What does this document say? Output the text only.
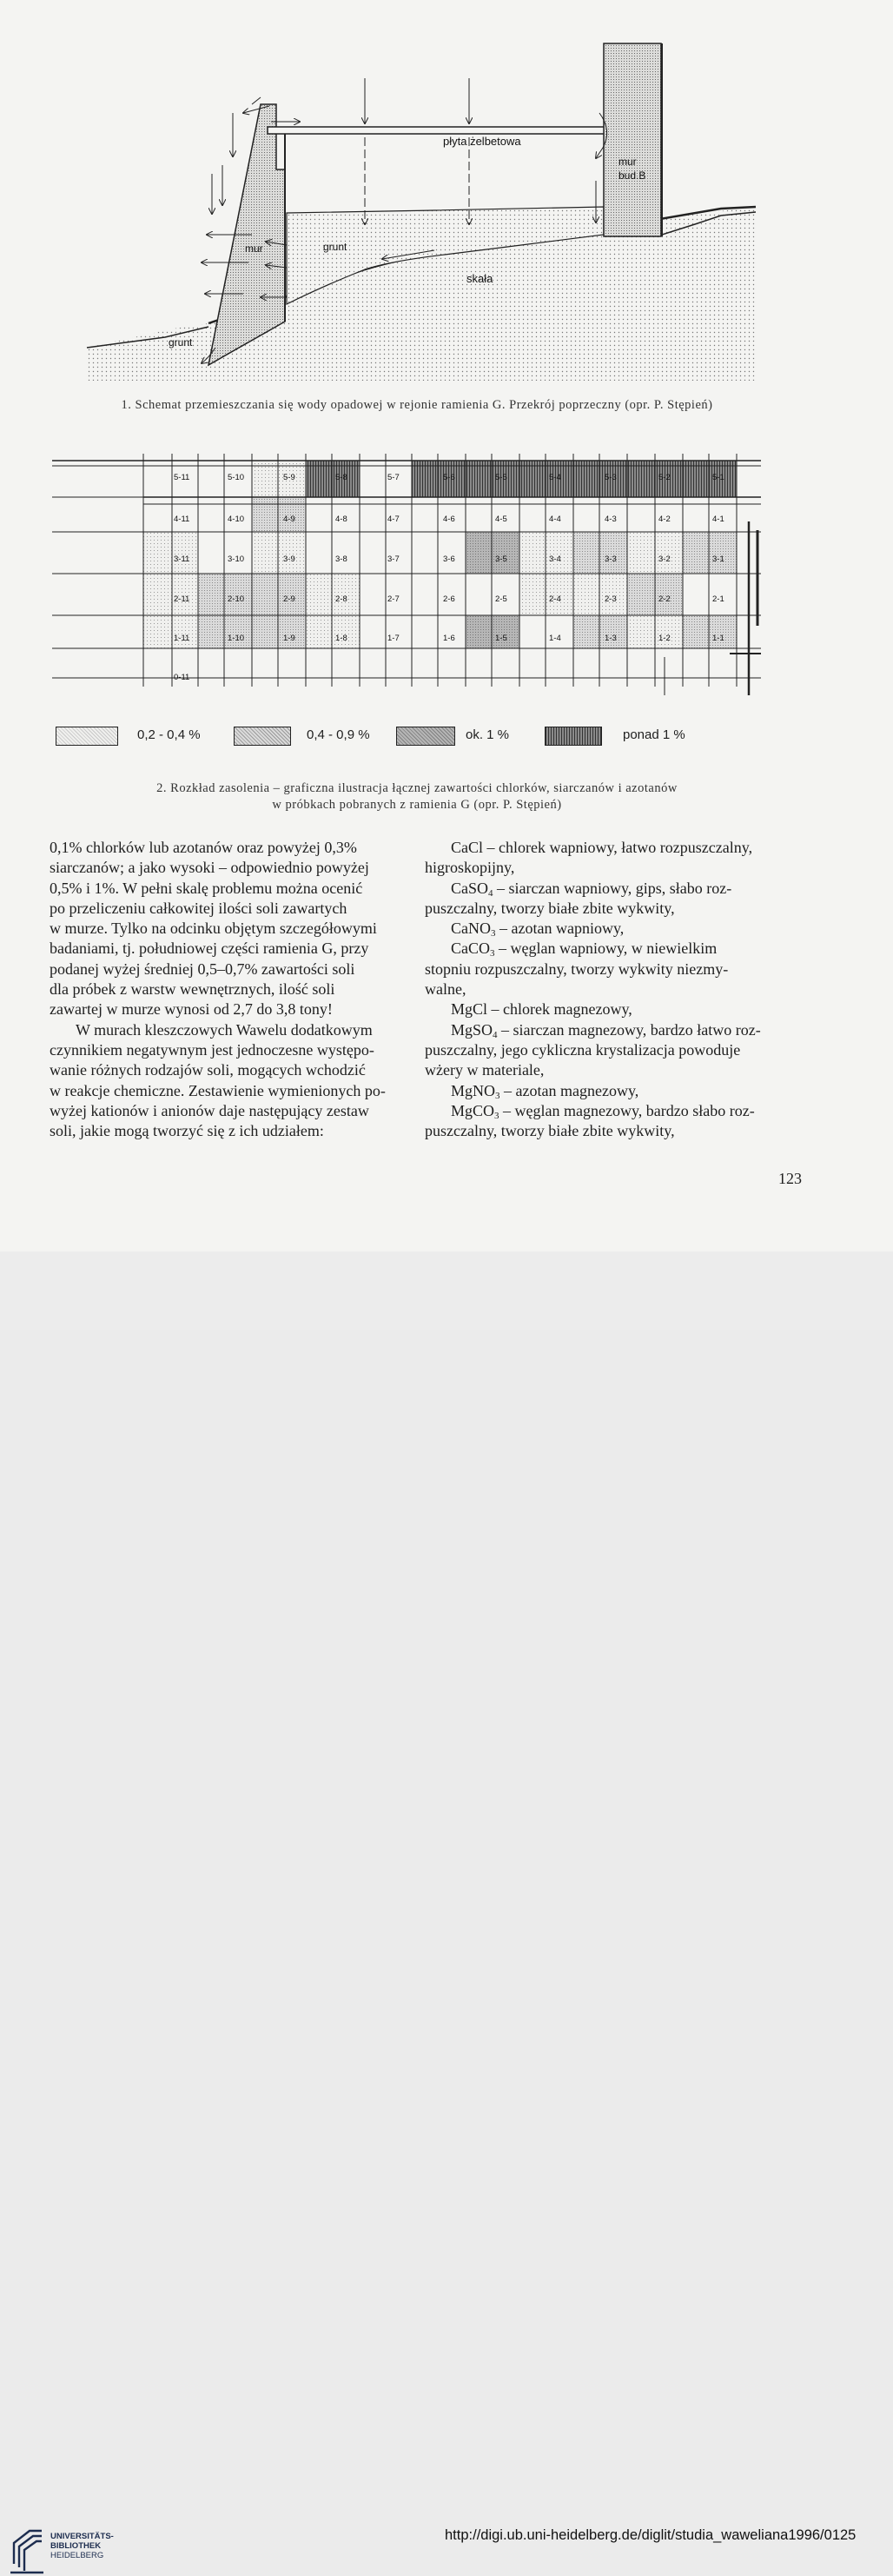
płyta żelbetowa
mur
bud.B
mur	grunt
skała
grunt
1. Schemat przemieszczania się wody opadowej w rejonie ramienia G. Przekrój poprzeczny (opr. P. Stępień)
5-11	5-10	5-9	5-8	5-7	5-6	5-5	5-4	5-3	5-2	5-1
4-11	4-10	4-9	4-8	4-7	4-6	4-5	4-4	4-3	4-2	4-1
3-11	3-10	3-9	3-8	3-7	3-6	3-5	3-4	3-3	3-2	3-1
2-11	2-10	2-9	2-8	2-7	2-6	2-5	2-4	2-3	2-2	2-1
1-11	1-10	1-9	1-8	1-7	1-6	1-5	1-4	1-3	1-2	1-1
0-11
0,2 - 0,4 %	0,4 - 0,9 %	ok. 1 %	ponad 1 %
2. Rozkład zasolenia – graficzna ilustracja łącznej zawartości chlorków, siarczanów i azotanów
w próbkach pobranych z ramienia G (opr. P. Stępień)

0,1% chlorków lub azotanów oraz powyżej 0,3%

siarczanów; a jako wysoki – odpowiednio powyżej

0,5% i 1%. W pełni skalę problemu można ocenić

po przeliczeniu całkowitej ilości soli zawartych

w murze. Tylko na odcinku objętym szczegółowymi

badaniami, tj. południowej części ramienia G, przy

podanej wyżej średniej 0,5–0,7% zawartości soli

dla próbek z warstw wewnętrznych, ilość soli

zawartej w murze wynosi od 2,7 do 3,8 tony!

W murach kleszczowych Wawelu dodatkowym

czynnikiem negatywnym jest jednoczesne występo-

wanie różnych rodzajów soli, mogących wchodzić

w reakcje chemiczne. Zestawienie wymienionych po-

wyżej kationów i anionów daje następujący zestaw

soli, jakie mogą tworzyć się z ich udziałem:

CaCl – chlorek wapniowy, łatwo rozpuszczalny,

higroskopijny,

CaSO$_4$ – siarczan wapniowy, gips, słabo roz-

puszczalny, tworzy białe zbite wykwity,

CaNO$_3$ – azotan wapniowy,

CaCO$_3$ – węglan wapniowy, w niewielkim

stopniu rozpuszczalny, tworzy wykwity niezmy-

walne,

MgCl – chlorek magnezowy,

MgSO$_4$ – siarczan magnezowy, bardzo łatwo roz-

puszczalny, jego cykliczna krystalizacja powoduje

wżery w materiale,

MgNO$_3$ – azotan magnezowy,

MgCO$_3$ – węglan magnezowy, bardzo słabo roz-

puszczalny, tworzy białe zbite wykwity,

123
UNIVERSITÄTS-
BIBLIOTHEK
HEIDELBERG
http://digi.ub.uni-heidelberg.de/diglit/studia_waweliana1996/0125
